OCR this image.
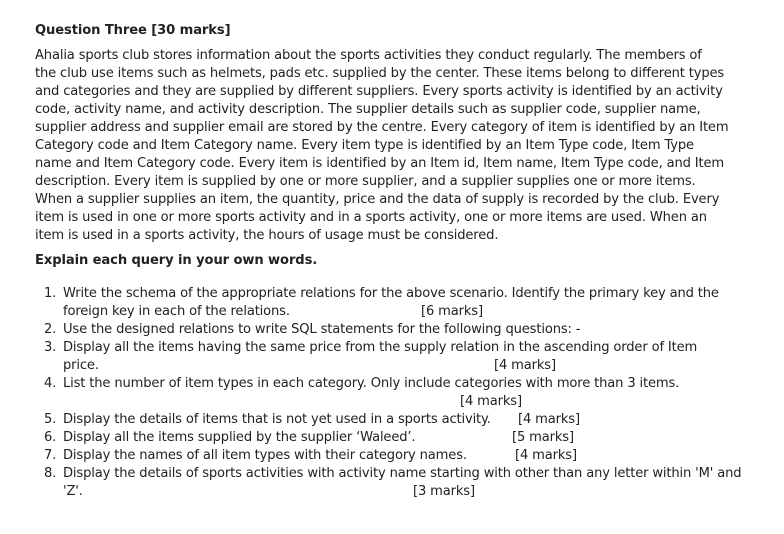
Question Three [30 marks]
Ahalia sports club stores information about the sports activities they conduct regularly. The members of
the club use items such as helmets, pads etc. supplied by the center. These items belong to different types
and categories and they are supplied by different suppliers. Every sports activity is identified by an activity
code, activity name, and activity description. The supplier details such as supplier code, supplier name,
supplier address and supplier email are stored by the centre. Every category of item is identified by an Item
Category code and Item Category name. Every item type is identified by an Item Type code, Item Type
name and Item Category code. Every item is identified by an Item id, Item name, Item Type code, and Item
description. Every item is supplied by one or more supplier, and a supplier supplies one or more items.
When a supplier supplies an item, the quantity, price and the data of supply is recorded by the club. Every
item is used in one or more sports activity and in a sports activity, one or more items are used. When an
item is used in a sports activity, the hours of usage must be considered.
Explain each query in your own words.
1. Write the schema of the appropriate relations for the above scenario. Identify the primary key and the
foreign key in each of the relations.	[6 marks]
2. Use the designed relations to write SQL statements for the following questions: -
3. Display all the items having the same price from the supply relation in the ascending order of Item
price.	[4 marks]
4. List the number of item types in each category. Only include categories with more than 3 items.
[4 marks]
5. Display the details of items that is not yet used in a sports activity. [4 marks]
6. Display all the items supplied by the supplier ‘Waleed’.	[5 marks]
7. Display the names of all item types with their category names.	[4 marks]
8. Display the details of sports activities with activity name starting with other than any letter within 'M' and
'Z'.	[3 marks]
